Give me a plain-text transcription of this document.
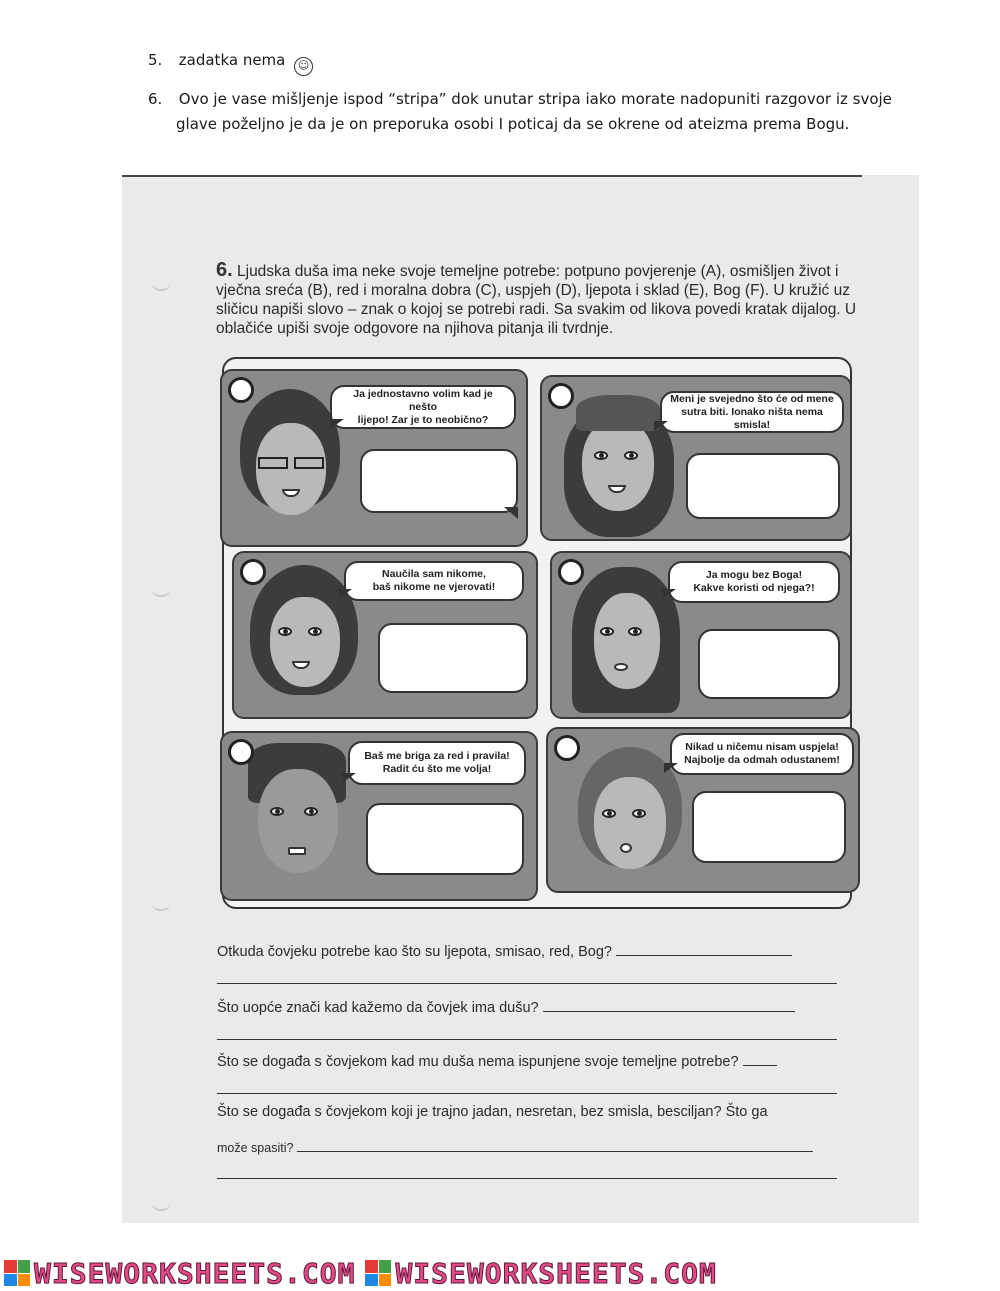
5. zadatka nema ☺
6. Ovo je vase mišljenje ispod “stripa” dok unutar stripa iako morate nadopuniti razgovor iz svoje
glave poželjno je da je on preporuka osobi I poticaj da se okrene od ateizma prema Bogu.
6. Ljudska duša ima neke svoje temeljne potrebe: potpuno povjerenje (A), osmišljen život i vječna sreća (B), red i moralna dobra (C), uspjeh (D), ljepota i sklad (E), Bog (F). U kružić uz sličicu napiši slovo – znak o kojoj se potrebi radi. Sa svakim od likova povedi kratak dijalog. U oblačiće upiši svoje odgovore na njihova pitanja ili tvrdnje.
Ja jednostavno volim kad je nešto
lijepo! Zar je to neobično?
Meni je svejedno što će od mene
sutra biti. Ionako ništa nema smisla!
Naučila sam nikome,
baš nikome ne vjerovati!
Ja mogu bez Boga!
Kakve koristi od njega?!
Baš me briga za red i pravila!
Radit ću što me volja!
Nikad u ničemu nisam uspjela!
Najbolje da odmah odustanem!
Otkuda čovjeku potrebe kao što su ljepota, smisao, red, Bog?
Što uopće znači kad kažemo da čovjek ima dušu?
Što se događa s čovjekom kad mu duša nema ispunjene svoje temeljne potrebe?
Što se događa s čovjekom koji je trajno jadan, nesretan, bez smisla, besciljan? Što ga
može spasiti?
WISEWORKSHEETS.COM WISEWORKSHEETS.COM
